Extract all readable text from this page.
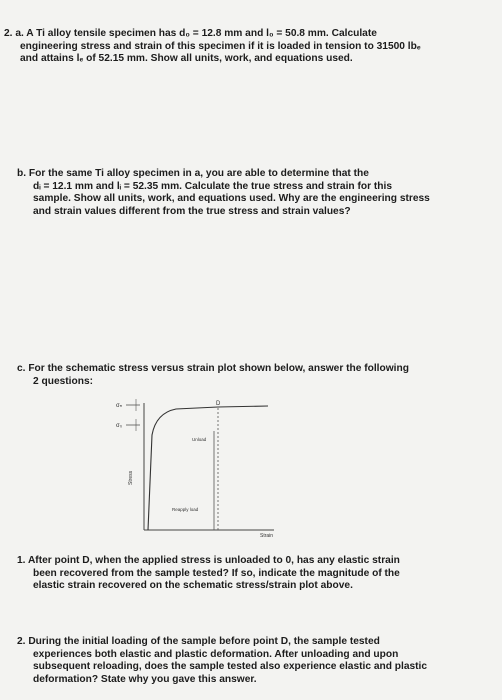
2. a. A Ti alloy tensile specimen has d₀ = 12.8 mm and l₀ = 50.8 mm. Calculate

engineering stress and strain of this specimen if it is loaded in tension to 31500 lbₑ

and attains lₑ of 52.15 mm. Show all units, work, and equations used.

b. For the same Ti alloy specimen in a, you are able to determine that the

dᵢ = 12.1 mm and lᵢ = 52.35 mm. Calculate the true stress and strain for this

sample. Show all units, work, and equations used. Why are the engineering stress

and strain values different from the true stress and strain values?

c. For the schematic stress versus strain plot shown below, answer the following

2 questions:

σₙ
σ₀
D
Unload
Reapply load
Strain
Stress

1. After point D, when the applied stress is unloaded to 0, has any elastic strain

been recovered from the sample tested? If so, indicate the magnitude of the

elastic strain recovered on the schematic stress/strain plot above.

2. During the initial loading of the sample before point D, the sample tested

experiences both elastic and plastic deformation. After unloading and upon

subsequent reloading, does the sample tested also experience elastic and plastic

deformation? State why you gave this answer.
